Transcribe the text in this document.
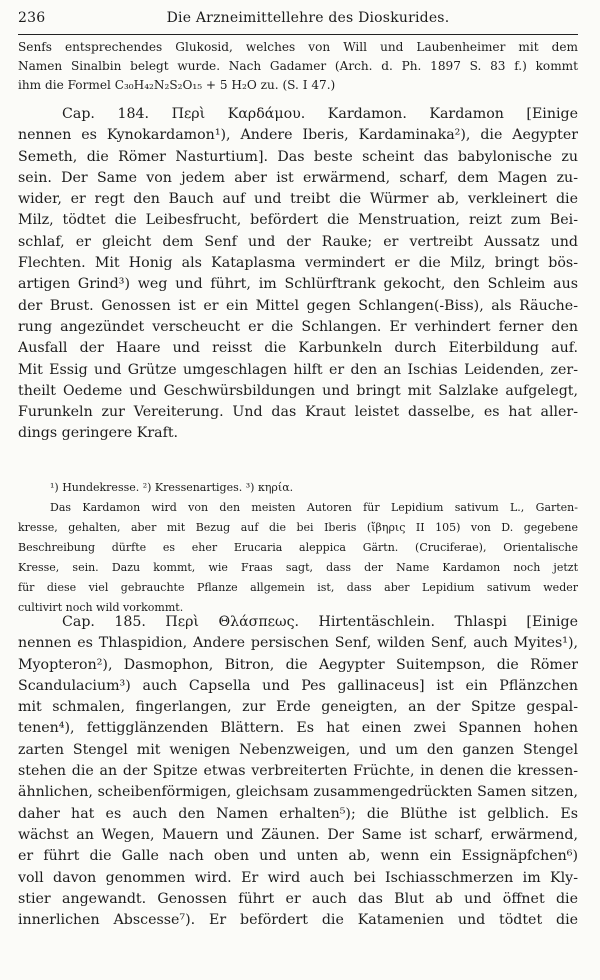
236	Die Arzneimittellehre des Dioskurides.
Senfs entsprechendes Glukosid, welches von Will und Laubenheimer mit dem
Namen Sinalbin belegt wurde. Nach Gadamer (Arch. d. Ph. 1897 S. 83 f.) kommt
ihm die Formel C₃₀H₄₂N₂S₂O₁₅ + 5 H₂O zu. (S. I 47.)
Cap. 184. Περὶ Καρδάμου. Kardamon. Kardamon [Einige
nennen es Kynokardamon¹), Andere Iberis, Kardaminaka²), die Aegypter
Semeth, die Römer Nasturtium]. Das beste scheint das babylonische zu
sein. Der Same von jedem aber ist erwärmend, scharf, dem Magen zu-
wider, er regt den Bauch auf und treibt die Würmer ab, verkleinert die
Milz, tödtet die Leibesfrucht, befördert die Menstruation, reizt zum Bei-
schlaf, er gleicht dem Senf und der Rauke; er vertreibt Aussatz und
Flechten. Mit Honig als Kataplasma vermindert er die Milz, bringt bös-
artigen Grind³) weg und führt, im Schlürftrank gekocht, den Schleim aus
der Brust. Genossen ist er ein Mittel gegen Schlangen(-Biss), als Räuche-
rung angezündet verscheucht er die Schlangen. Er verhindert ferner den
Ausfall der Haare und reisst die Karbunkeln durch Eiterbildung auf.
Mit Essig und Grütze umgeschlagen hilft er den an Ischias Leidenden, zer-
theilt Oedeme und Geschwürsbildungen und bringt mit Salzlake aufgelegt,
Furunkeln zur Vereiterung. Und das Kraut leistet dasselbe, es hat aller-
dings geringere Kraft.
¹) Hundekresse. ²) Kressenartiges. ³) κηρία.
Das Kardamon wird von den meisten Autoren für Lepidium sativum L., Garten-
kresse, gehalten, aber mit Bezug auf die bei Iberis (ἴβηρις II 105) von D. gegebene
Beschreibung dürfte es eher Erucaria aleppica Gärtn. (Cruciferae), Orientalische
Kresse, sein. Dazu kommt, wie Fraas sagt, dass der Name Kardamon noch jetzt
für diese viel gebrauchte Pflanze allgemein ist, dass aber Lepidium sativum weder
cultivirt noch wild vorkommt.
Cap. 185. Περὶ Θλάσπεως. Hirtentäschlein. Thlaspi [Einige
nennen es Thlaspidion, Andere persischen Senf, wilden Senf, auch Myites¹),
Myopteron²), Dasmophon, Bitron, die Aegypter Suitempson, die Römer
Scandulacium³) auch Capsella und Pes gallinaceus] ist ein Pflänzchen
mit schmalen, fingerlangen, zur Erde geneigten, an der Spitze gespal-
tenen⁴), fettigglänzenden Blättern. Es hat einen zwei Spannen hohen
zarten Stengel mit wenigen Nebenzweigen, und um den ganzen Stengel
stehen die an der Spitze etwas verbreiterten Früchte, in denen die kressen-
ähnlichen, scheibenförmigen, gleichsam zusammengedrückten Samen sitzen,
daher hat es auch den Namen erhalten⁵); die Blüthe ist gelblich. Es
wächst an Wegen, Mauern und Zäunen. Der Same ist scharf, erwärmend,
er führt die Galle nach oben und unten ab, wenn ein Essignäpfchen⁶)
voll davon genommen wird. Er wird auch bei Ischiasschmerzen im Kly-
stier angewandt. Genossen führt er auch das Blut ab und öffnet die
innerlichen Abscesse⁷). Er befördert die Katamenien und tödtet die
